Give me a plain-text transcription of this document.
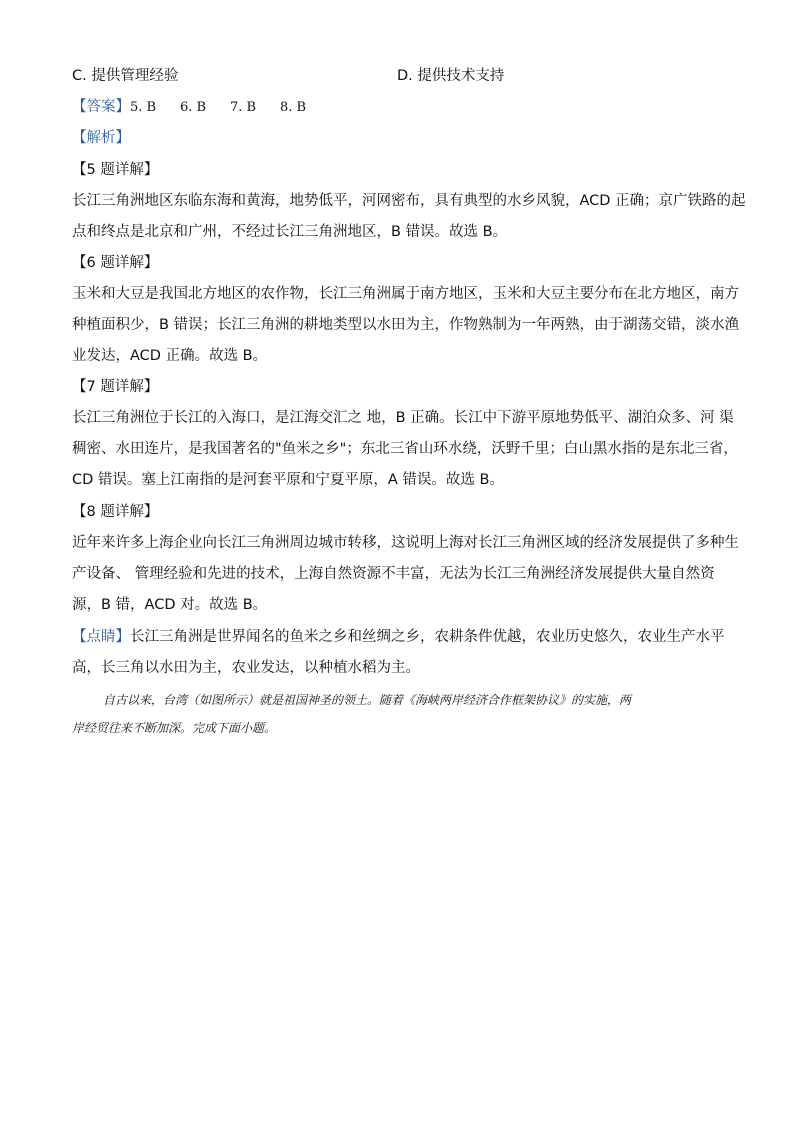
C. 提供管理经验	D. 提供技术支持
【答案】5. B 6. B 7. B 8. B
【解析】
【5 题详解】
长江三角洲地区东临东海和黄海，地势低平，河网密布，具有典型的水乡风貌，ACD 正确；京广铁路的起
点和终点是北京和广州，不经过长江三角洲地区，B 错误。故选 B。
【6 题详解】
玉米和大豆是我国北方地区的农作物，长江三角洲属于南方地区，玉米和大豆主要分布在北方地区，南方
种植面积少，B 错误；长江三角洲的耕地类型以水田为主，作物熟制为一年两熟，由于湖荡交错，淡水渔
业发达，ACD 正确。故选 B。
【7 题详解】
长江三角洲位于长江的入海口，是江海交汇之 地，B 正确。长江中下游平原地势低平、湖泊众多、河 渠
稠密、水田连片，是我国著名的"鱼米之乡"；东北三省山环水绕，沃野千里；白山黑水指的是东北三省，
CD 错误。塞上江南指的是河套平原和宁夏平原，A 错误。故选 B。
【8 题详解】
近年来许多上海企业向长江三角洲周边城市转移，这说明上海对长江三角洲区域的经济发展提供了多种生
产设备、 管理经验和先进的技术，上海自然资源不丰富，无法为长江三角洲经济发展提供大量自然资
源，B 错，ACD 对。故选 B。
【点睛】长江三角洲是世界闻名的鱼米之乡和丝绸之乡，农耕条件优越，农业历史悠久，农业生产水平
高，长三角以水田为主，农业发达，以种植水稻为主。
自古以来，台湾（如图所示）就是祖国神圣的领土。随着《海峡两岸经济合作框架协议》的实施，两
岸经贸往来不断加深。完成下面小题。
